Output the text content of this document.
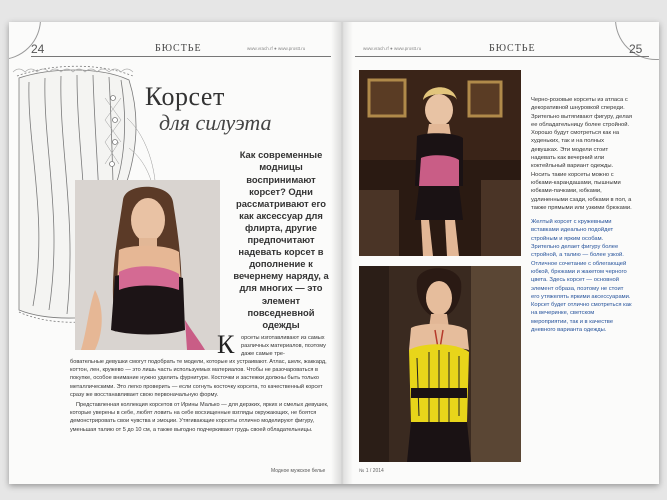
24	БЮСТЬЕ	www.vrach.rf ● www.prostt.ru
Корсет
для силуэта

Как современные модницы воспринимают корсет? Одни рассматривают его как аксессуар для флирта, другие предпочитают надевать корсет в дополнение к вечернему наряду, а для многих — это элемент повседневной одежды

К орсеты изготавливают из самых различных материалов, поэтому даже самые тре-

бовательные девушки смогут подобрать те модели, которые их устраивают. Атлас, шелк, жаккард, коттон, лен, кружево — это лишь часть используемых материалов. Чтобы не разочароваться в покупке, особое внимание нужно уделить фурнитуре. Косточки и застежки должны быть только металлическими. Это легко проверить — если согнуть косточку корсета, то качественный корсет сразу же восстанавливает свою первоначальную форму.

Представленная коллекция корсетов от Ирины Малько — для дерзких, ярких и смелых девушек, которые уверены в себе, любят ловить на себе восхищенные взгляды окружающих, не боятся демонстрировать свои чувства и эмоции. Утягивающие корсеты отлично моделируют фигуру, уменьшая талию от 5 до 10 см, а также выгодно подчеркивают грудь своей обладательницы.

Модное мужское белье
www.vrach.rf ● www.prostt.ru	БЮСТЬЕ	25

Черно-розовые корсеты из атласа с декоративной шнуровкой спереди. Зрительно вытягивают фигуру, делая ее обладательницу более стройной. Хорошо будут смотреться как на худеньких, так и на полных девушках. Эти модели стоит надевать как вечерний или коктейльный вариант одежды. Носить такие корсеты можно с юбками-карандашами, пышными юбками-пачками, юбками, удлиненными сзади, юбками в пол, а также прямыми или узкими брюками.

Желтый корсет с кружевными вставками идеально подойдет стройным и ярким особам. Зрительно делает фигуру более стройной, а талию — более узкой. Отличное сочетание с облегающей юбкой, брюками и жакетом черного цвета. Здесь корсет — основной элемент образа, поэтому не стоит его утяжелять яркими аксессуарами. Корсет будет отлично смотреться как на вечеринке, светском мероприятии, так и в качестве дневного варианта одежды.

№ 1 / 2014
